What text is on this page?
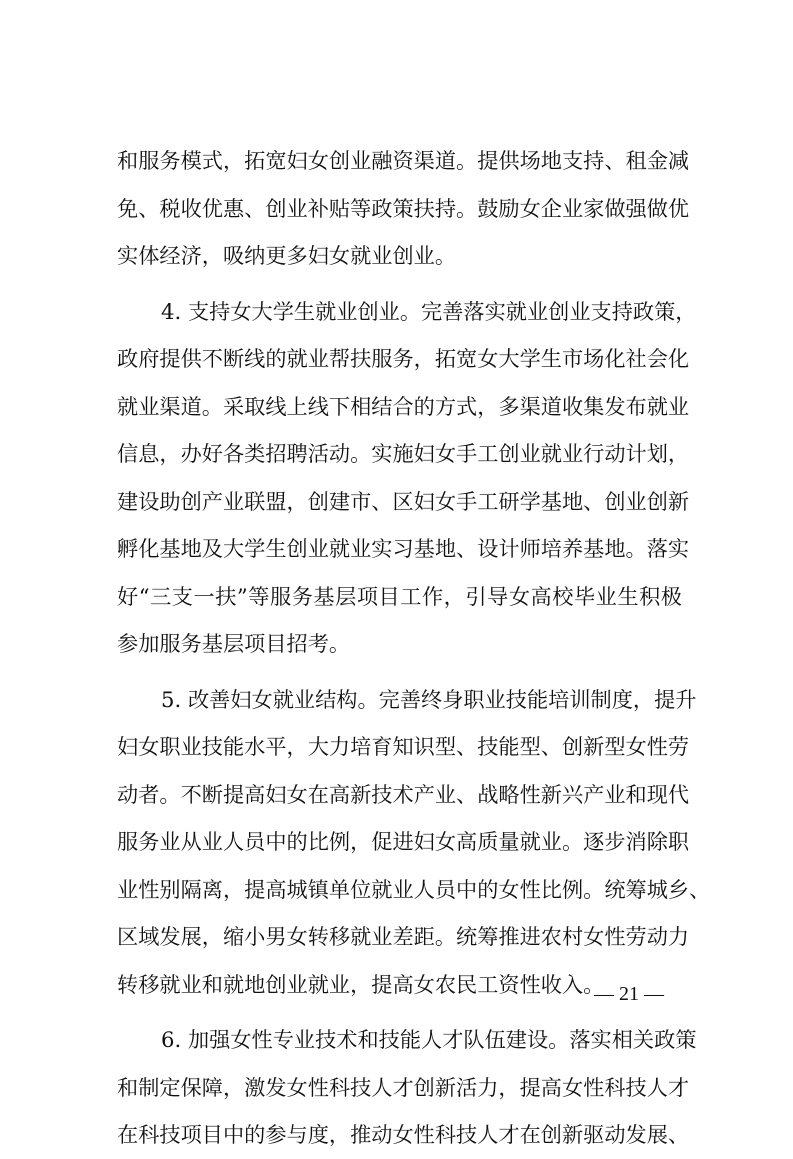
和服务模式，拓宽妇女创业融资渠道。提供场地支持、租金减
免、税收优惠、创业补贴等政策扶持。鼓励女企业家做强做优
实体经济，吸纳更多妇女就业创业。
4. 支持女大学生就业创业。完善落实就业创业支持政策，
政府提供不断线的就业帮扶服务，拓宽女大学生市场化社会化
就业渠道。采取线上线下相结合的方式，多渠道收集发布就业
信息，办好各类招聘活动。实施妇女手工创业就业行动计划，
建设助创产业联盟，创建市、区妇女手工研学基地、创业创新
孵化基地及大学生创业就业实习基地、设计师培养基地。落实
好“三支一扶”等服务基层项目工作，引导女高校毕业生积极
参加服务基层项目招考。
5. 改善妇女就业结构。完善终身职业技能培训制度，提升
妇女职业技能水平，大力培育知识型、技能型、创新型女性劳
动者。不断提高妇女在高新技术产业、战略性新兴产业和现代
服务业从业人员中的比例，促进妇女高质量就业。逐步消除职
业性别隔离，提高城镇单位就业人员中的女性比例。统筹城乡、
区域发展，缩小男女转移就业差距。统筹推进农村女性劳动力
转移就业和就地创业就业，提高女农民工资性收入。
6. 加强女性专业技术和技能人才队伍建设。落实相关政策
和制定保障，激发女性科技人才创新活力，提高女性科技人才
在科技项目中的参与度，推动女性科技人才在创新驱动发展、
— 21 —
